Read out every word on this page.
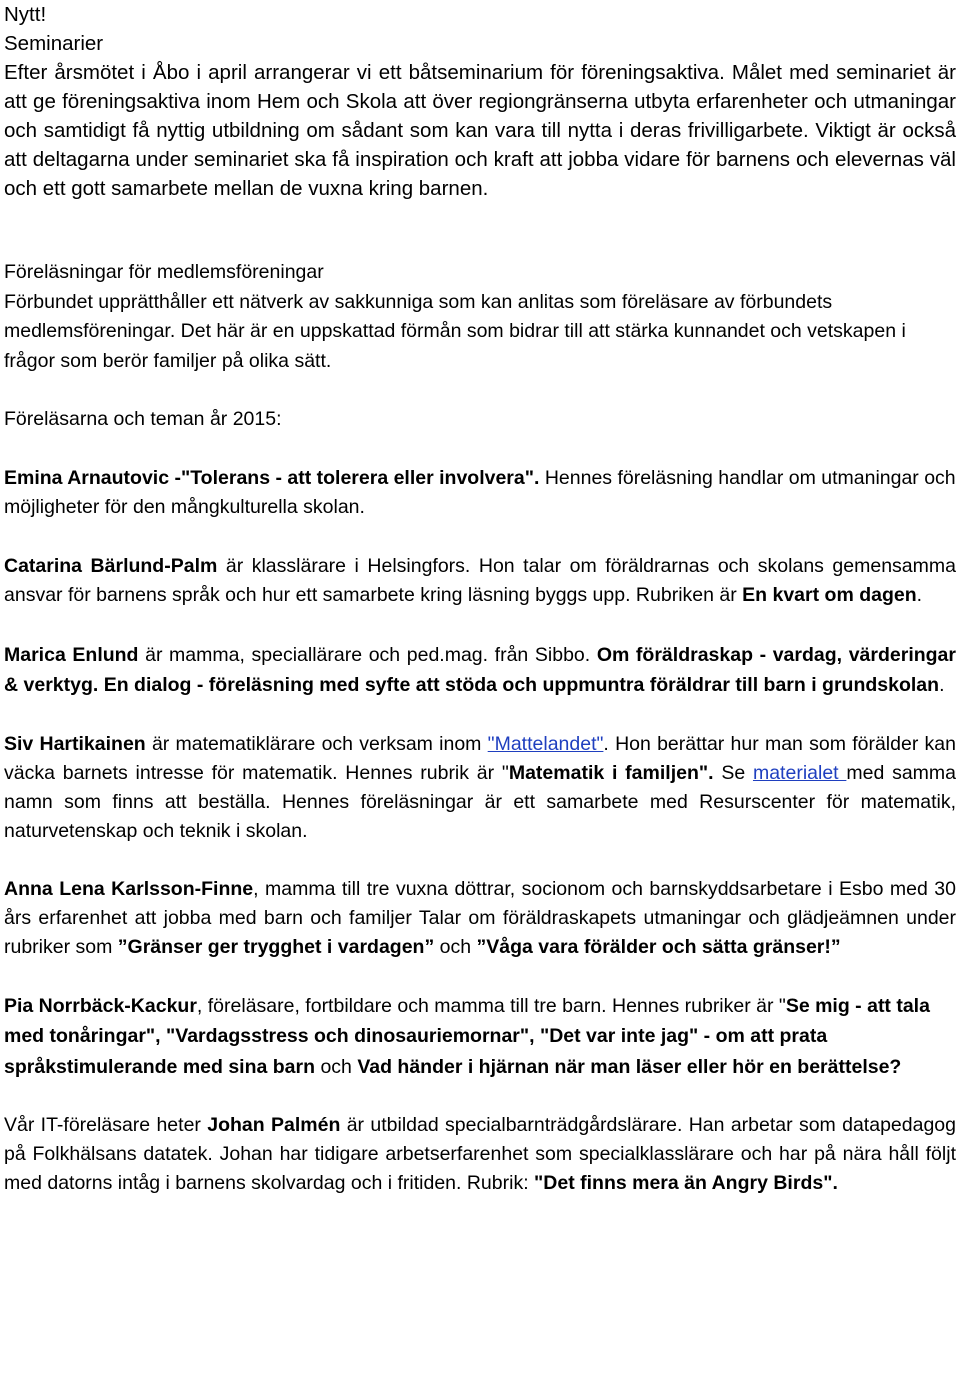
Nytt!

Seminarier

Efter årsmötet i Åbo i april arrangerar vi ett båtseminarium för föreningsaktiva. Målet med seminariet är att ge föreningsaktiva inom Hem och Skola att över regiongränserna utbyta erfarenheter och utmaningar och samtidigt få nyttig utbildning om sådant som kan vara till nytta i deras frivilligarbete. Viktigt är också att deltagarna under seminariet ska få inspiration och kraft att jobba vidare för barnens och elevernas väl och ett gott samarbete mellan de vuxna kring barnen.

Föreläsningar för medlemsföreningar

Förbundet upprätthåller ett nätverk av sakkunniga som kan anlitas som föreläsare av förbundets medlemsföreningar. Det här är en uppskattad förmån som bidrar till att stärka kunnandet och vetskapen i frågor som berör familjer på olika sätt.

Föreläsarna och teman år 2015:

Emina Arnautovic -"Tolerans - att tolerera eller involvera". Hennes föreläsning handlar om utmaningar och möjligheter för den mångkulturella skolan.

Catarina Bärlund-Palm är klasslärare i Helsingfors. Hon talar om föräldrarnas och skolans gemensamma ansvar för barnens språk och hur ett samarbete kring läsning byggs upp. Rubriken är En kvart om dagen.

Marica Enlund är mamma, speciallärare och ped.mag. från Sibbo. Om föräldraskap - vardag, värderingar & verktyg. En dialog - föreläsning med syfte att stöda och uppmuntra föräldrar till barn i grundskolan.

Siv Hartikainen är matematiklärare och verksam inom "Mattelandet". Hon berättar hur man som förälder kan väcka barnets intresse för matematik. Hennes rubrik är "Matematik i familjen". Se materialet med samma namn som finns att beställa. Hennes föreläsningar är ett samarbete med Resurscenter för matematik, naturvetenskap och teknik i skolan.

Anna Lena Karlsson-Finne, mamma till tre vuxna döttrar, socionom och barnskyddsarbetare i Esbo med 30 års erfarenhet att jobba med barn och familjer Talar om föräldraskapets utmaningar och glädjeämnen under rubriker som ”Gränser ger trygghet i vardagen” och ”Våga vara förälder och sätta gränser!”

Pia Norrbäck-Kackur, föreläsare, fortbildare och mamma till tre barn. Hennes rubriker är "Se mig - att tala med tonåringar", "Vardagsstress och dinosauriemornar", "Det var inte jag" - om att prata språkstimulerande med sina barn och Vad händer i hjärnan när man läser eller hör en berättelse?

Vår IT-föreläsare heter Johan Palmén är utbildad specialbarnträdgårdslärare. Han arbetar som datapedagog på Folkhälsans datatek. Johan har tidigare arbetserfarenhet som specialklasslärare och har på nära håll följt med datorns intåg i barnens skolvardag och i fritiden. Rubrik: "Det finns mera än Angry Birds".
